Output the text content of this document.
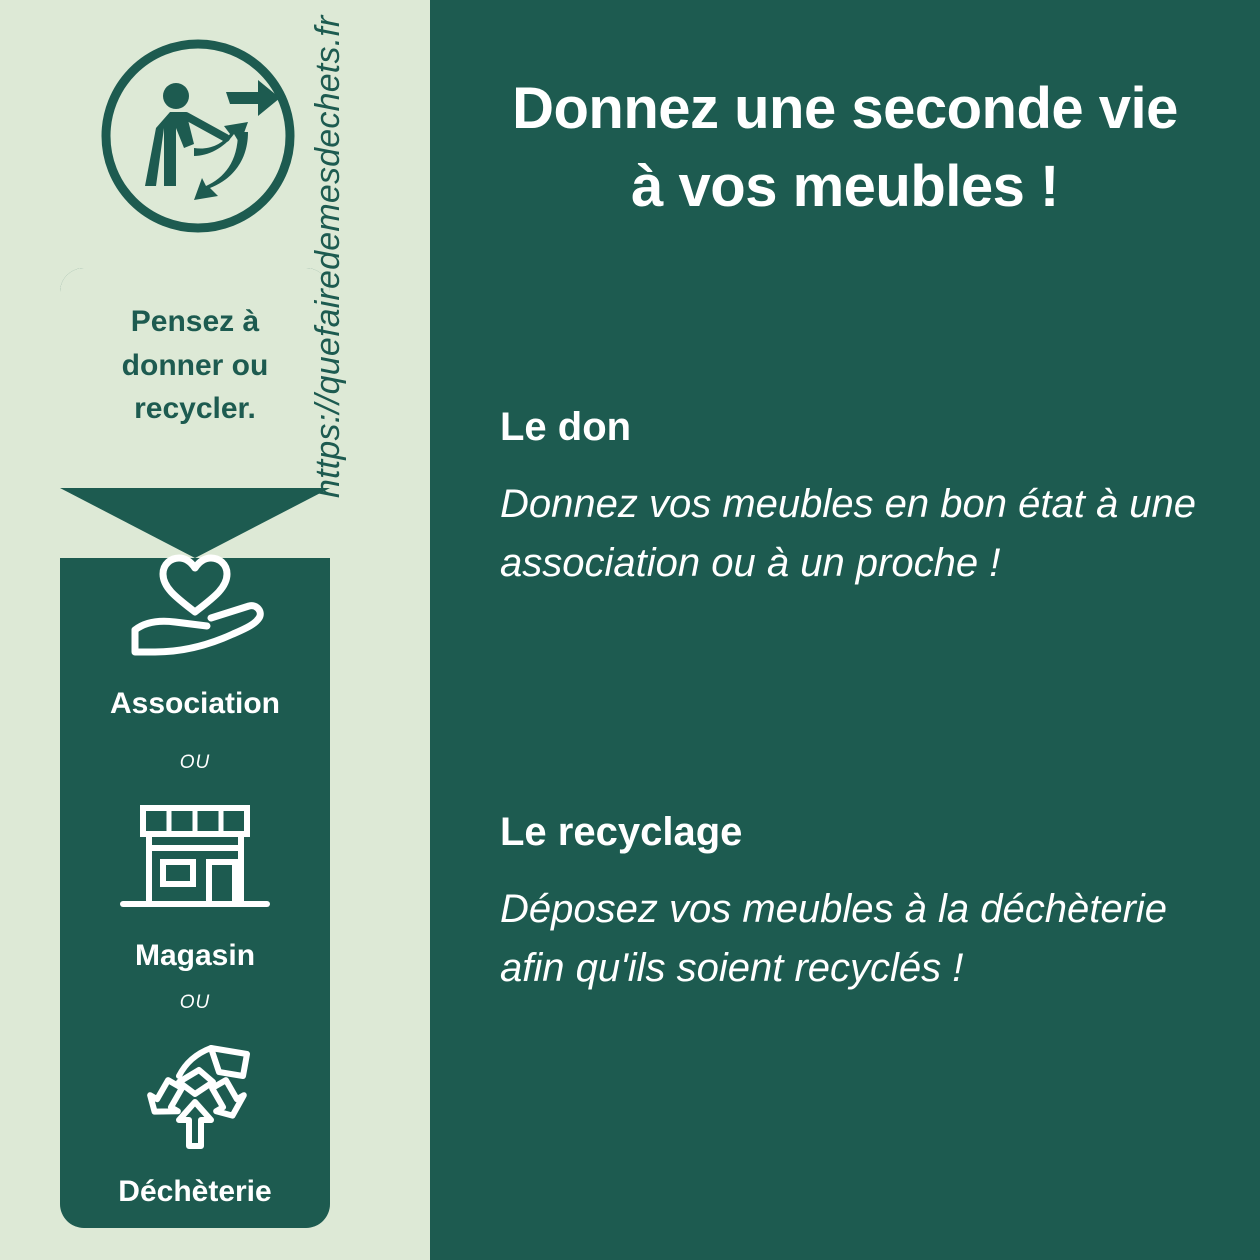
Donnez une seconde vie
à vos meubles !

Le don

Donnez vos meubles en bon état à une association ou à un proche !

Le recyclage

Déposez vos meubles à la déchèterie afin qu'ils soient recyclés !

Pensez à
donner ou
recycler.
Association
OU
Magasin
OU
Déchèterie
https://quefairedemesdechets.fr
